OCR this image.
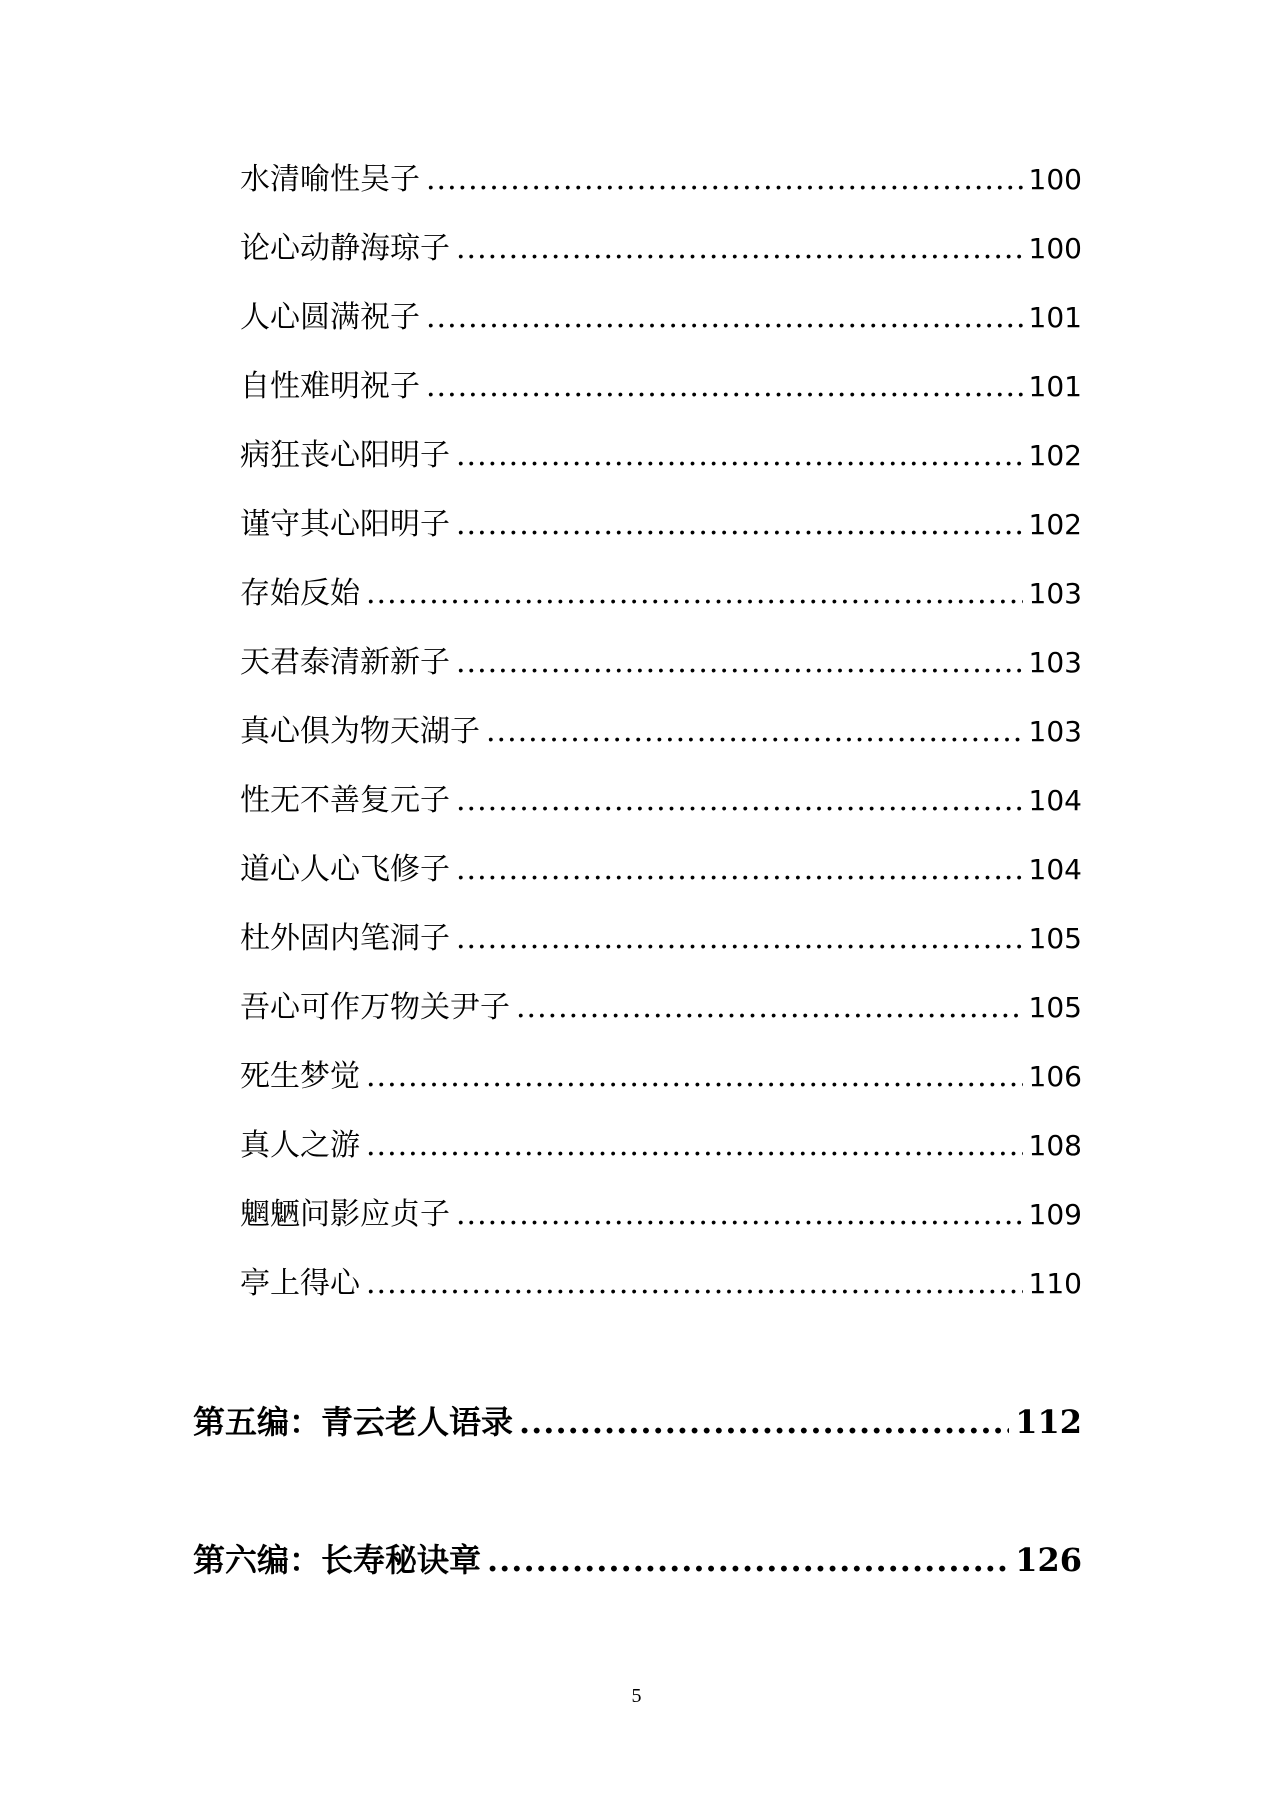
水清喻性吴子 .....	100
论心动静海琼子 .....	100
人心圆满祝子 .....	101
自性难明祝子 .....	101
病狂丧心阳明子 .....	102
谨守其心阳明子 .....	102
存始反始 .....	103
天君泰清新新子 .....	103
真心俱为物天湖子 .....	103
性无不善复元子 .....	104
道心人心飞修子 .....	104
杜外固内笔洞子 .....	105
吾心可作万物关尹子 .....	105
死生梦觉 .....	106
真人之游 .....	108
魍魉问影应贞子 .....	109
亭上得心 .....	110
第五编：青云老人语录 .....	112
第六编：长寿秘诀章 .....	126
5
